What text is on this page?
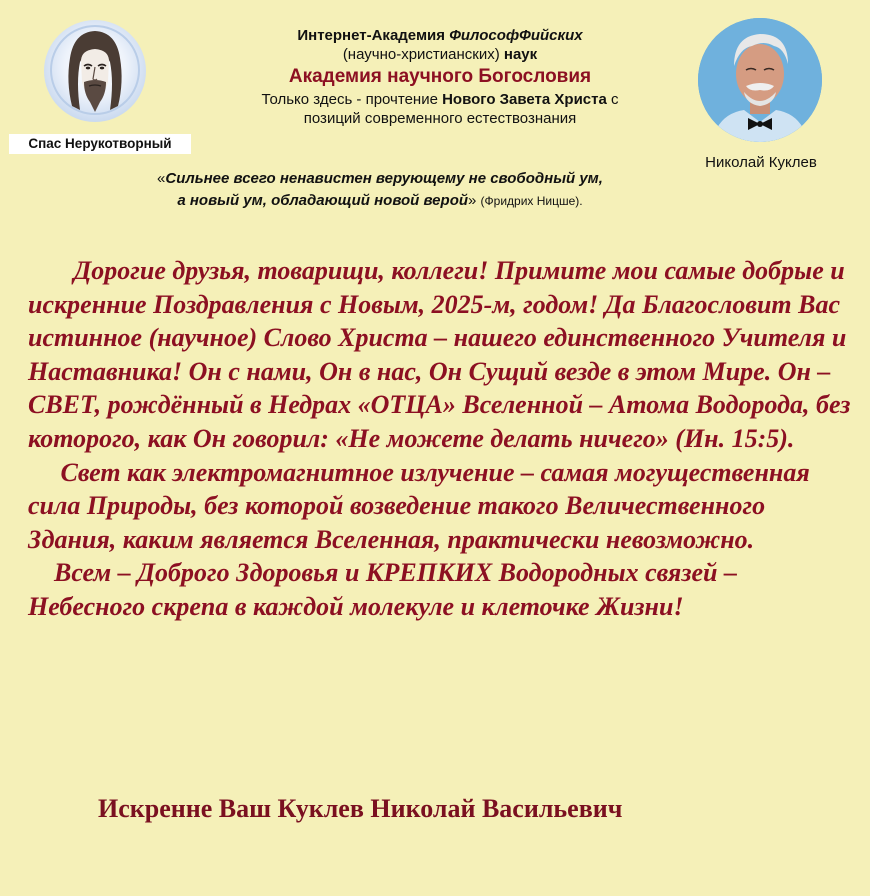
Спас Нерукотворный
Интернет-Академия ФилософФийских
(научно-христианских) наук
Академия научного Богословия
Только здесь - прочтение Нового Завета Христа с
позиций современного естествознания
Николай Куклев
«Сильнее всего ненавистен верующему не свободный ум,
а новый ум, обладающий новой верой» (Фридрих Ницше).

Дорогие друзья, товарищи, коллеги! Примите мои самые добрые и искренние Поздравления с Новым, 2025-м, годом! Да Благословит Вас истинное (научное) Слово Христа – нашего единственного Учителя и Наставника! Он с нами, Он в нас, Он Сущий везде в этом Мире. Он – СВЕТ, рождённый в Недрах «ОТЦА» Вселенной – Атома Водорода, без которого, как Он говорил: «Не можете делать ничего» (Ин. 15:5).

Свет как электромагнитное излучение – самая могущественная сила Природы, без которой возведение такого Величественного Здания, каким является Вселенная, практически невозможно.

Всем – Доброго Здоровья и КРЕПКИХ Водородных связей – Небесного скрепа в каждой молекуле и клеточке Жизни!

Искренне Ваш Куклев Николай Васильевич
